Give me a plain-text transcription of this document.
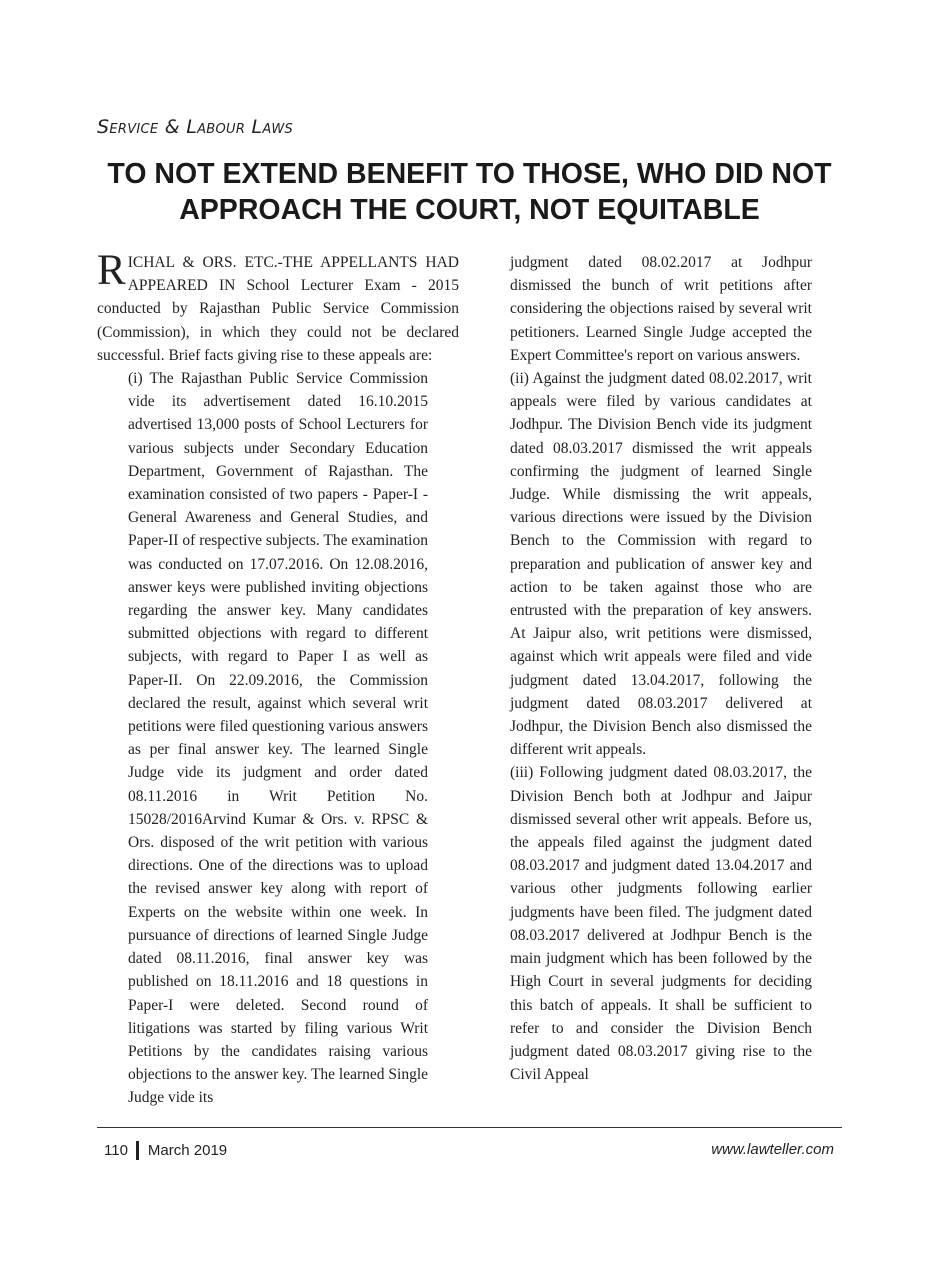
Service & Labour Laws
TO NOT EXTEND BENEFIT TO THOSE, WHO DID NOT APPROACH THE COURT, NOT EQUITABLE

RICHAL & ORS. ETC.-THE APPELLANTS HAD APPEARED IN School Lecturer Exam - 2015 conducted by Rajasthan Public Service Commission (Commission), in which they could not be declared successful. Brief facts giving rise to these appeals are:

(i) The Rajasthan Public Service Commission vide its advertisement dated 16.10.2015 advertised 13,000 posts of School Lecturers for various subjects under Secondary Education Department, Government of Rajasthan. The examination consisted of two papers - Paper-I - General Awareness and General Studies, and Paper-II of respective subjects. The examination was conducted on 17.07.2016. On 12.08.2016, answer keys were published inviting objections regarding the answer key. Many candidates submitted objections with regard to different subjects, with regard to Paper I as well as Paper-II. On 22.09.2016, the Commission declared the result, against which several writ petitions were filed questioning various answers as per final answer key. The learned Single Judge vide its judgment and order dated 08.11.2016 in Writ Petition No. 15028/2016Arvind Kumar & Ors. v. RPSC & Ors. disposed of the writ petition with various directions. One of the directions was to upload the revised answer key along with report of Experts on the website within one week. In pursuance of directions of learned Single Judge dated 08.11.2016, final answer key was published on 18.11.2016 and 18 questions in Paper-I were deleted. Second round of litigations was started by filing various Writ Petitions by the candidates raising various objections to the answer key. The learned Single Judge vide its

judgment dated 08.02.2017 at Jodhpur dismissed the bunch of writ petitions after considering the objections raised by several writ petitioners. Learned Single Judge accepted the Expert Committee's report on various answers.

(ii) Against the judgment dated 08.02.2017, writ appeals were filed by various candidates at Jodhpur. The Division Bench vide its judgment dated 08.03.2017 dismissed the writ appeals confirming the judgment of learned Single Judge. While dismissing the writ appeals, various directions were issued by the Division Bench to the Commission with regard to preparation and publication of answer key and action to be taken against those who are entrusted with the preparation of key answers. At Jaipur also, writ petitions were dismissed, against which writ appeals were filed and vide judgment dated 13.04.2017, following the judgment dated 08.03.2017 delivered at Jodhpur, the Division Bench also dismissed the different writ appeals.

(iii) Following judgment dated 08.03.2017, the Division Bench both at Jodhpur and Jaipur dismissed several other writ appeals. Before us, the appeals filed against the judgment dated 08.03.2017 and judgment dated 13.04.2017 and various other judgments following earlier judgments have been filed. The judgment dated 08.03.2017 delivered at Jodhpur Bench is the main judgment which has been followed by the High Court in several judgments for deciding this batch of appeals. It shall be sufficient to refer to and consider the Division Bench judgment dated 08.03.2017 giving rise to the Civil Appeal

110 March 2019	www.lawteller.com
